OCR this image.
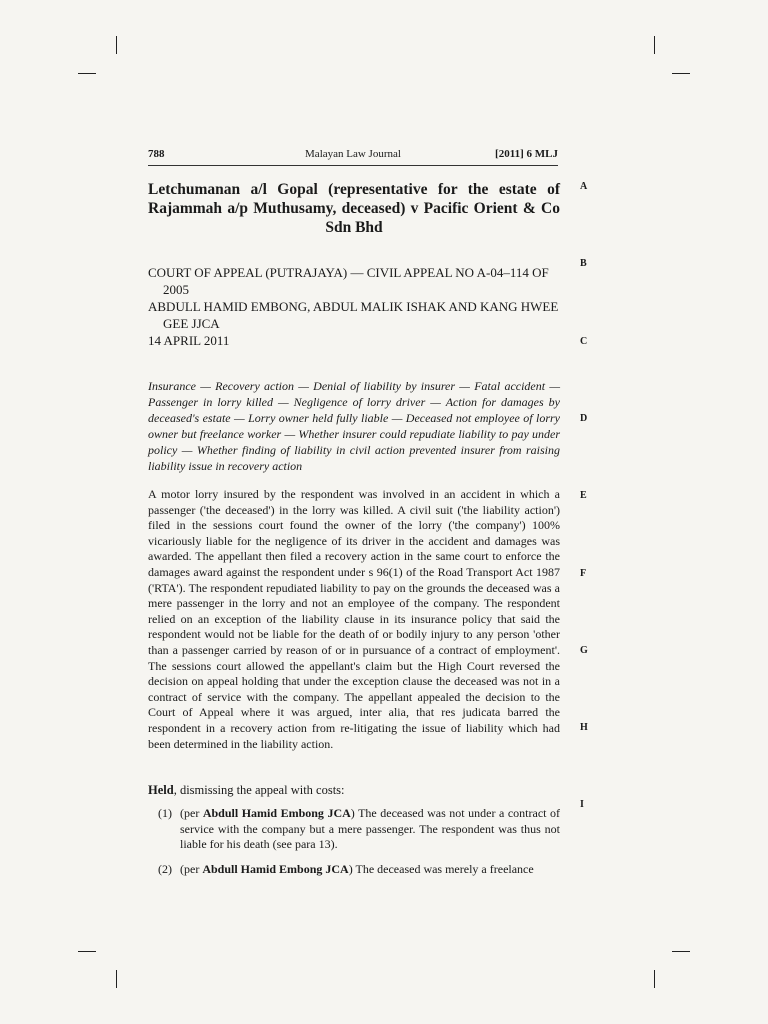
788	Malayan Law Journal	[2011] 6 MLJ
Letchumanan a/l Gopal (representative for the estate of Rajammah a/p Muthusamy, deceased) v Pacific Orient & Co Sdn Bhd

COURT OF APPEAL (PUTRAJAYA) — CIVIL APPEAL NO A-04–114 OF 2005

ABDULL HAMID EMBONG, ABDUL MALIK ISHAK AND KANG HWEE GEE JJCA

14 APRIL 2011

Insurance — Recovery action — Denial of liability by insurer — Fatal accident — Passenger in lorry killed — Negligence of lorry driver — Action for damages by deceased's estate — Lorry owner held fully liable — Deceased not employee of lorry owner but freelance worker — Whether insurer could repudiate liability to pay under policy — Whether finding of liability in civil action prevented insurer from raising liability issue in recovery action

A motor lorry insured by the respondent was involved in an accident in which a passenger ('the deceased') in the lorry was killed. A civil suit ('the liability action') filed in the sessions court found the owner of the lorry ('the company') 100% vicariously liable for the negligence of its driver in the accident and damages was awarded. The appellant then filed a recovery action in the same court to enforce the damages award against the respondent under s 96(1) of the Road Transport Act 1987 ('RTA'). The respondent repudiated liability to pay on the grounds the deceased was a mere passenger in the lorry and not an employee of the company. The respondent relied on an exception of the liability clause in its insurance policy that said the respondent would not be liable for the death of or bodily injury to any person 'other than a passenger carried by reason of or in pursuance of a contract of employment'. The sessions court allowed the appellant's claim but the High Court reversed the decision on appeal holding that under the exception clause the deceased was not in a contract of service with the company. The appellant appealed the decision to the Court of Appeal where it was argued, inter alia, that res judicata barred the respondent in a recovery action from re-litigating the issue of liability which had been determined in the liability action.

Held, dismissing the appeal with costs:

(1) (per Abdull Hamid Embong JCA) The deceased was not under a contract of service with the company but a mere passenger. The respondent was thus not liable for his death (see para 13).
(2) (per Abdull Hamid Embong JCA) The deceased was merely a freelance
A
B
C
D
E
F
G
H
I
